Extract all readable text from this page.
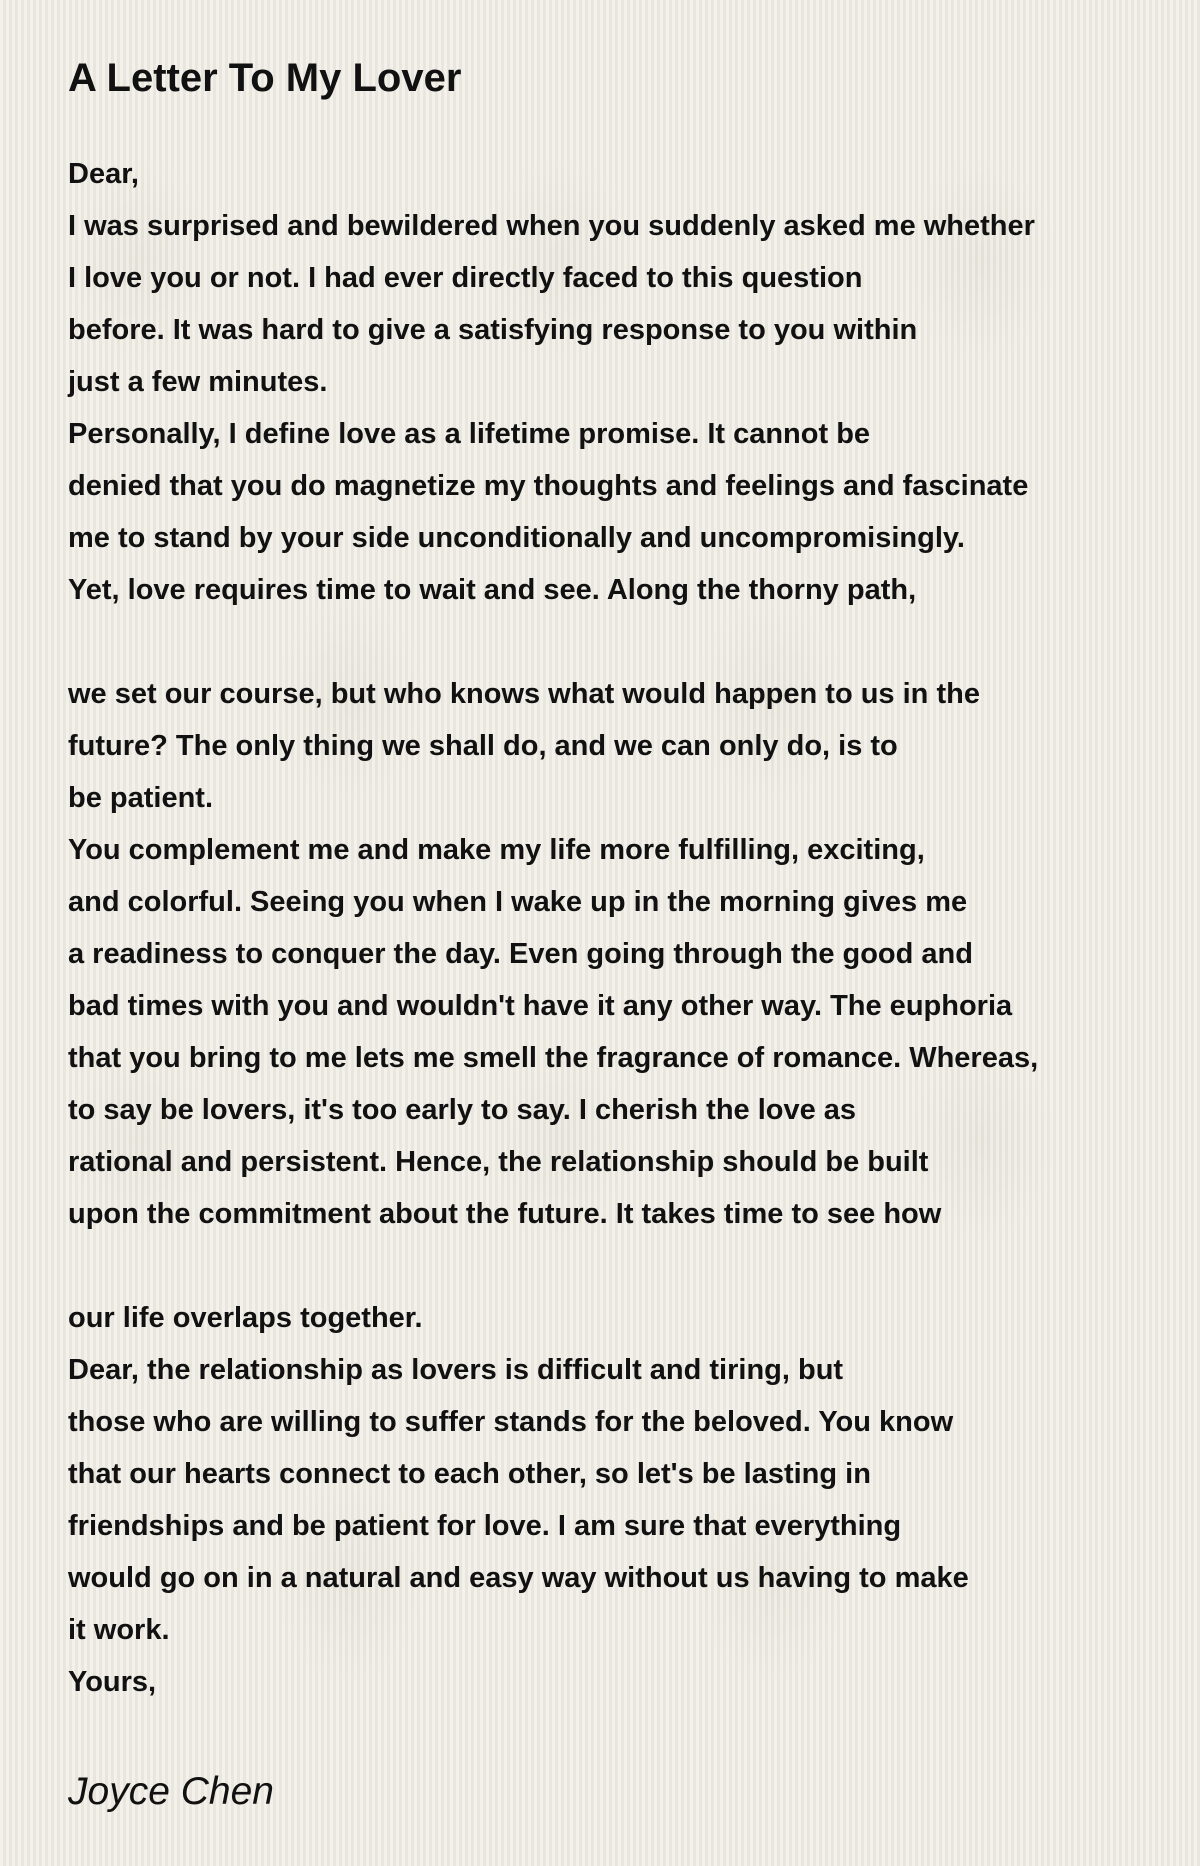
A Letter To My Lover
Dear,
I was surprised and bewildered when you suddenly asked me whether
I love you or not. I had ever directly faced to this question
before. It was hard to give a satisfying response to you within
just a few minutes.
Personally, I define love as a lifetime promise. It cannot be
denied that you do magnetize my thoughts and feelings and fascinate
me to stand by your side unconditionally and uncompromisingly.
Yet, love requires time to wait and see. Along the thorny path,
we set our course, but who knows what would happen to us in the
future? The only thing we shall do, and we can only do, is to
be patient.
You complement me and make my life more fulfilling, exciting,
and colorful. Seeing you when I wake up in the morning gives me
a readiness to conquer the day. Even going through the good and
bad times with you and wouldn't have it any other way. The euphoria
that you bring to me lets me smell the fragrance of romance. Whereas,
to say be lovers, it's too early to say. I cherish the love as
rational and persistent. Hence, the relationship should be built
upon the commitment about the future. It takes time to see how
our life overlaps together.
Dear, the relationship as lovers is difficult and tiring, but
those who are willing to suffer stands for the beloved. You know
that our hearts connect to each other, so let's be lasting in
friendships and be patient for love. I am sure that everything
would go on in a natural and easy way without us having to make
it work.
Yours,
Joyce Chen
